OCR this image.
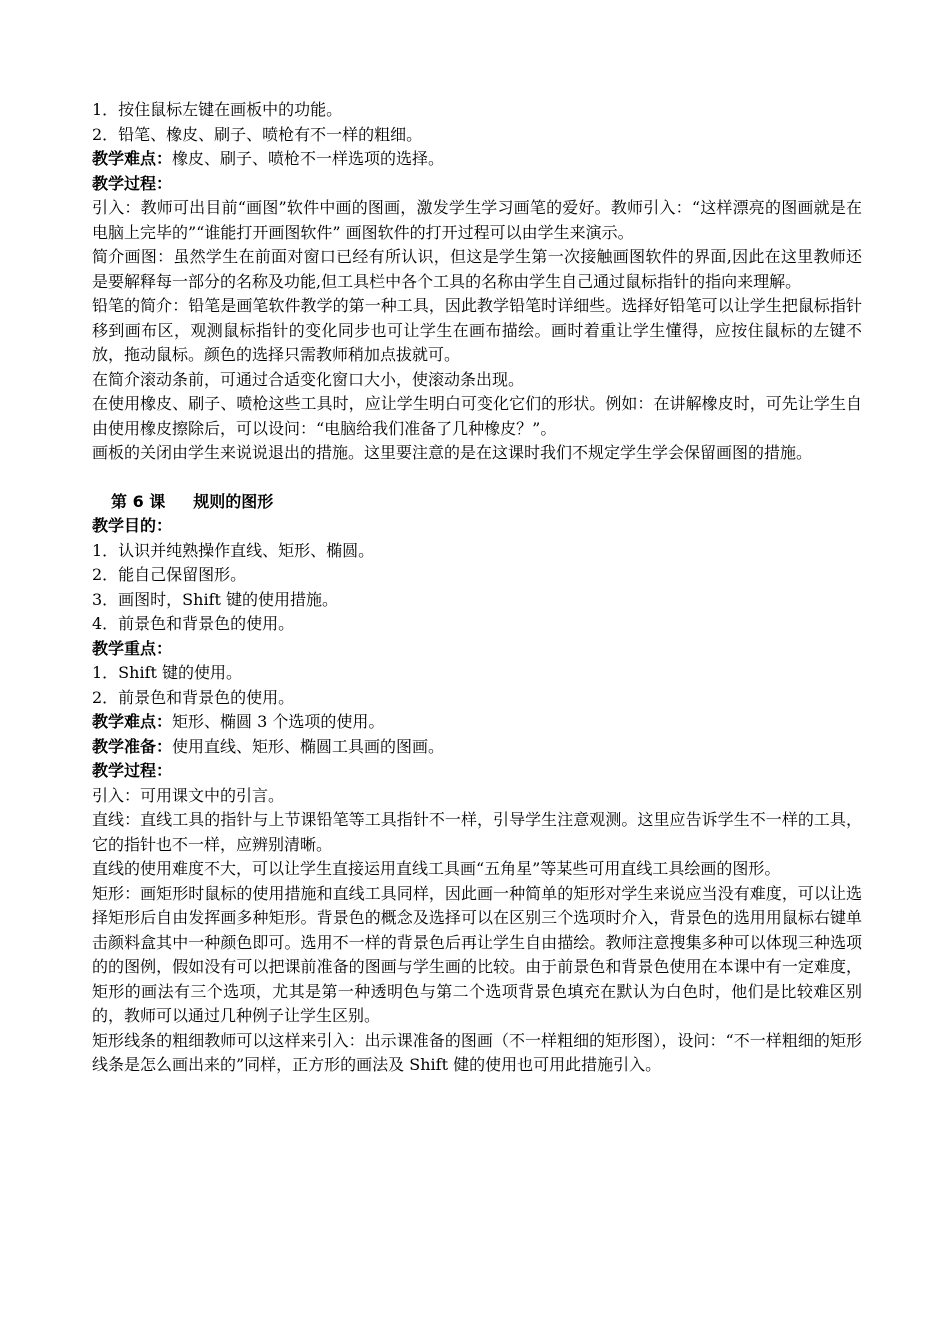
1．按住鼠标左键在画板中的功能。

2．铅笔、橡皮、刷子、喷枪有不一样的粗细。

教学难点：橡皮、刷子、喷枪不一样选项的选择。

教学过程：

引入：教师可出目前“画图”软件中画的图画，激发学生学习画笔的爱好。教师引入：“这样漂亮的图画就是在电脑上完毕的”“谁能打开画图软件” 画图软件的打开过程可以由学生来演示。

简介画图：虽然学生在前面对窗口已经有所认识，但这是学生第一次接触画图软件的界面,因此在这里教师还是要解释每一部分的名称及功能,但工具栏中各个工具的名称由学生自己通过鼠标指针的指向来理解。

铅笔的简介：铅笔是画笔软件教学的第一种工具，因此教学铅笔时详细些。选择好铅笔可以让学生把鼠标指针移到画布区，观测鼠标指针的变化同步也可让学生在画布描绘。画时着重让学生懂得，应按住鼠标的左键不放，拖动鼠标。颜色的选择只需教师稍加点拔就可。

在简介滚动条前，可通过合适变化窗口大小，使滚动条出现。

在使用橡皮、刷子、喷枪这些工具时，应让学生明白可变化它们的形状。例如：在讲解橡皮时，可先让学生自由使用橡皮擦除后，可以设问：“电脑给我们准备了几种橡皮？”。

画板的关闭由学生来说说退出的措施。这里要注意的是在这课时我们不规定学生学会保留画图的措施。

第 6 课 规则的图形

教学目的：

1．认识并纯熟操作直线、矩形、椭圆。

2．能自己保留图形。

3．画图时，Shift 键的使用措施。

4．前景色和背景色的使用。

教学重点：

1．Shift 键的使用。

2．前景色和背景色的使用。

教学难点：矩形、椭圆 3 个选项的使用。

教学准备：使用直线、矩形、椭圆工具画的图画。

教学过程：

引入：可用课文中的引言。

直线：直线工具的指针与上节课铅笔等工具指针不一样，引导学生注意观测。这里应告诉学生不一样的工具，它的指针也不一样，应辨别清晰。

直线的使用难度不大，可以让学生直接运用直线工具画“五角星”等某些可用直线工具绘画的图形。

矩形：画矩形时鼠标的使用措施和直线工具同样，因此画一种简单的矩形对学生来说应当没有难度，可以让选择矩形后自由发挥画多种矩形。背景色的概念及选择可以在区别三个选项时介入，背景色的选用用鼠标右键单击颜料盒其中一种颜色即可。选用不一样的背景色后再让学生自由描绘。教师注意搜集多种可以体现三种选项的的图例，假如没有可以把课前准备的图画与学生画的比较。由于前景色和背景色使用在本课中有一定难度，矩形的画法有三个选项，尤其是第一种透明色与第二个选项背景色填充在默认为白色时，他们是比较难区别的，教师可以通过几种例子让学生区别。

矩形线条的粗细教师可以这样来引入：出示课准备的图画（不一样粗细的矩形图），设问：“不一样粗细的矩形线条是怎么画出来的”同样，正方形的画法及 Shift 健的使用也可用此措施引入。
